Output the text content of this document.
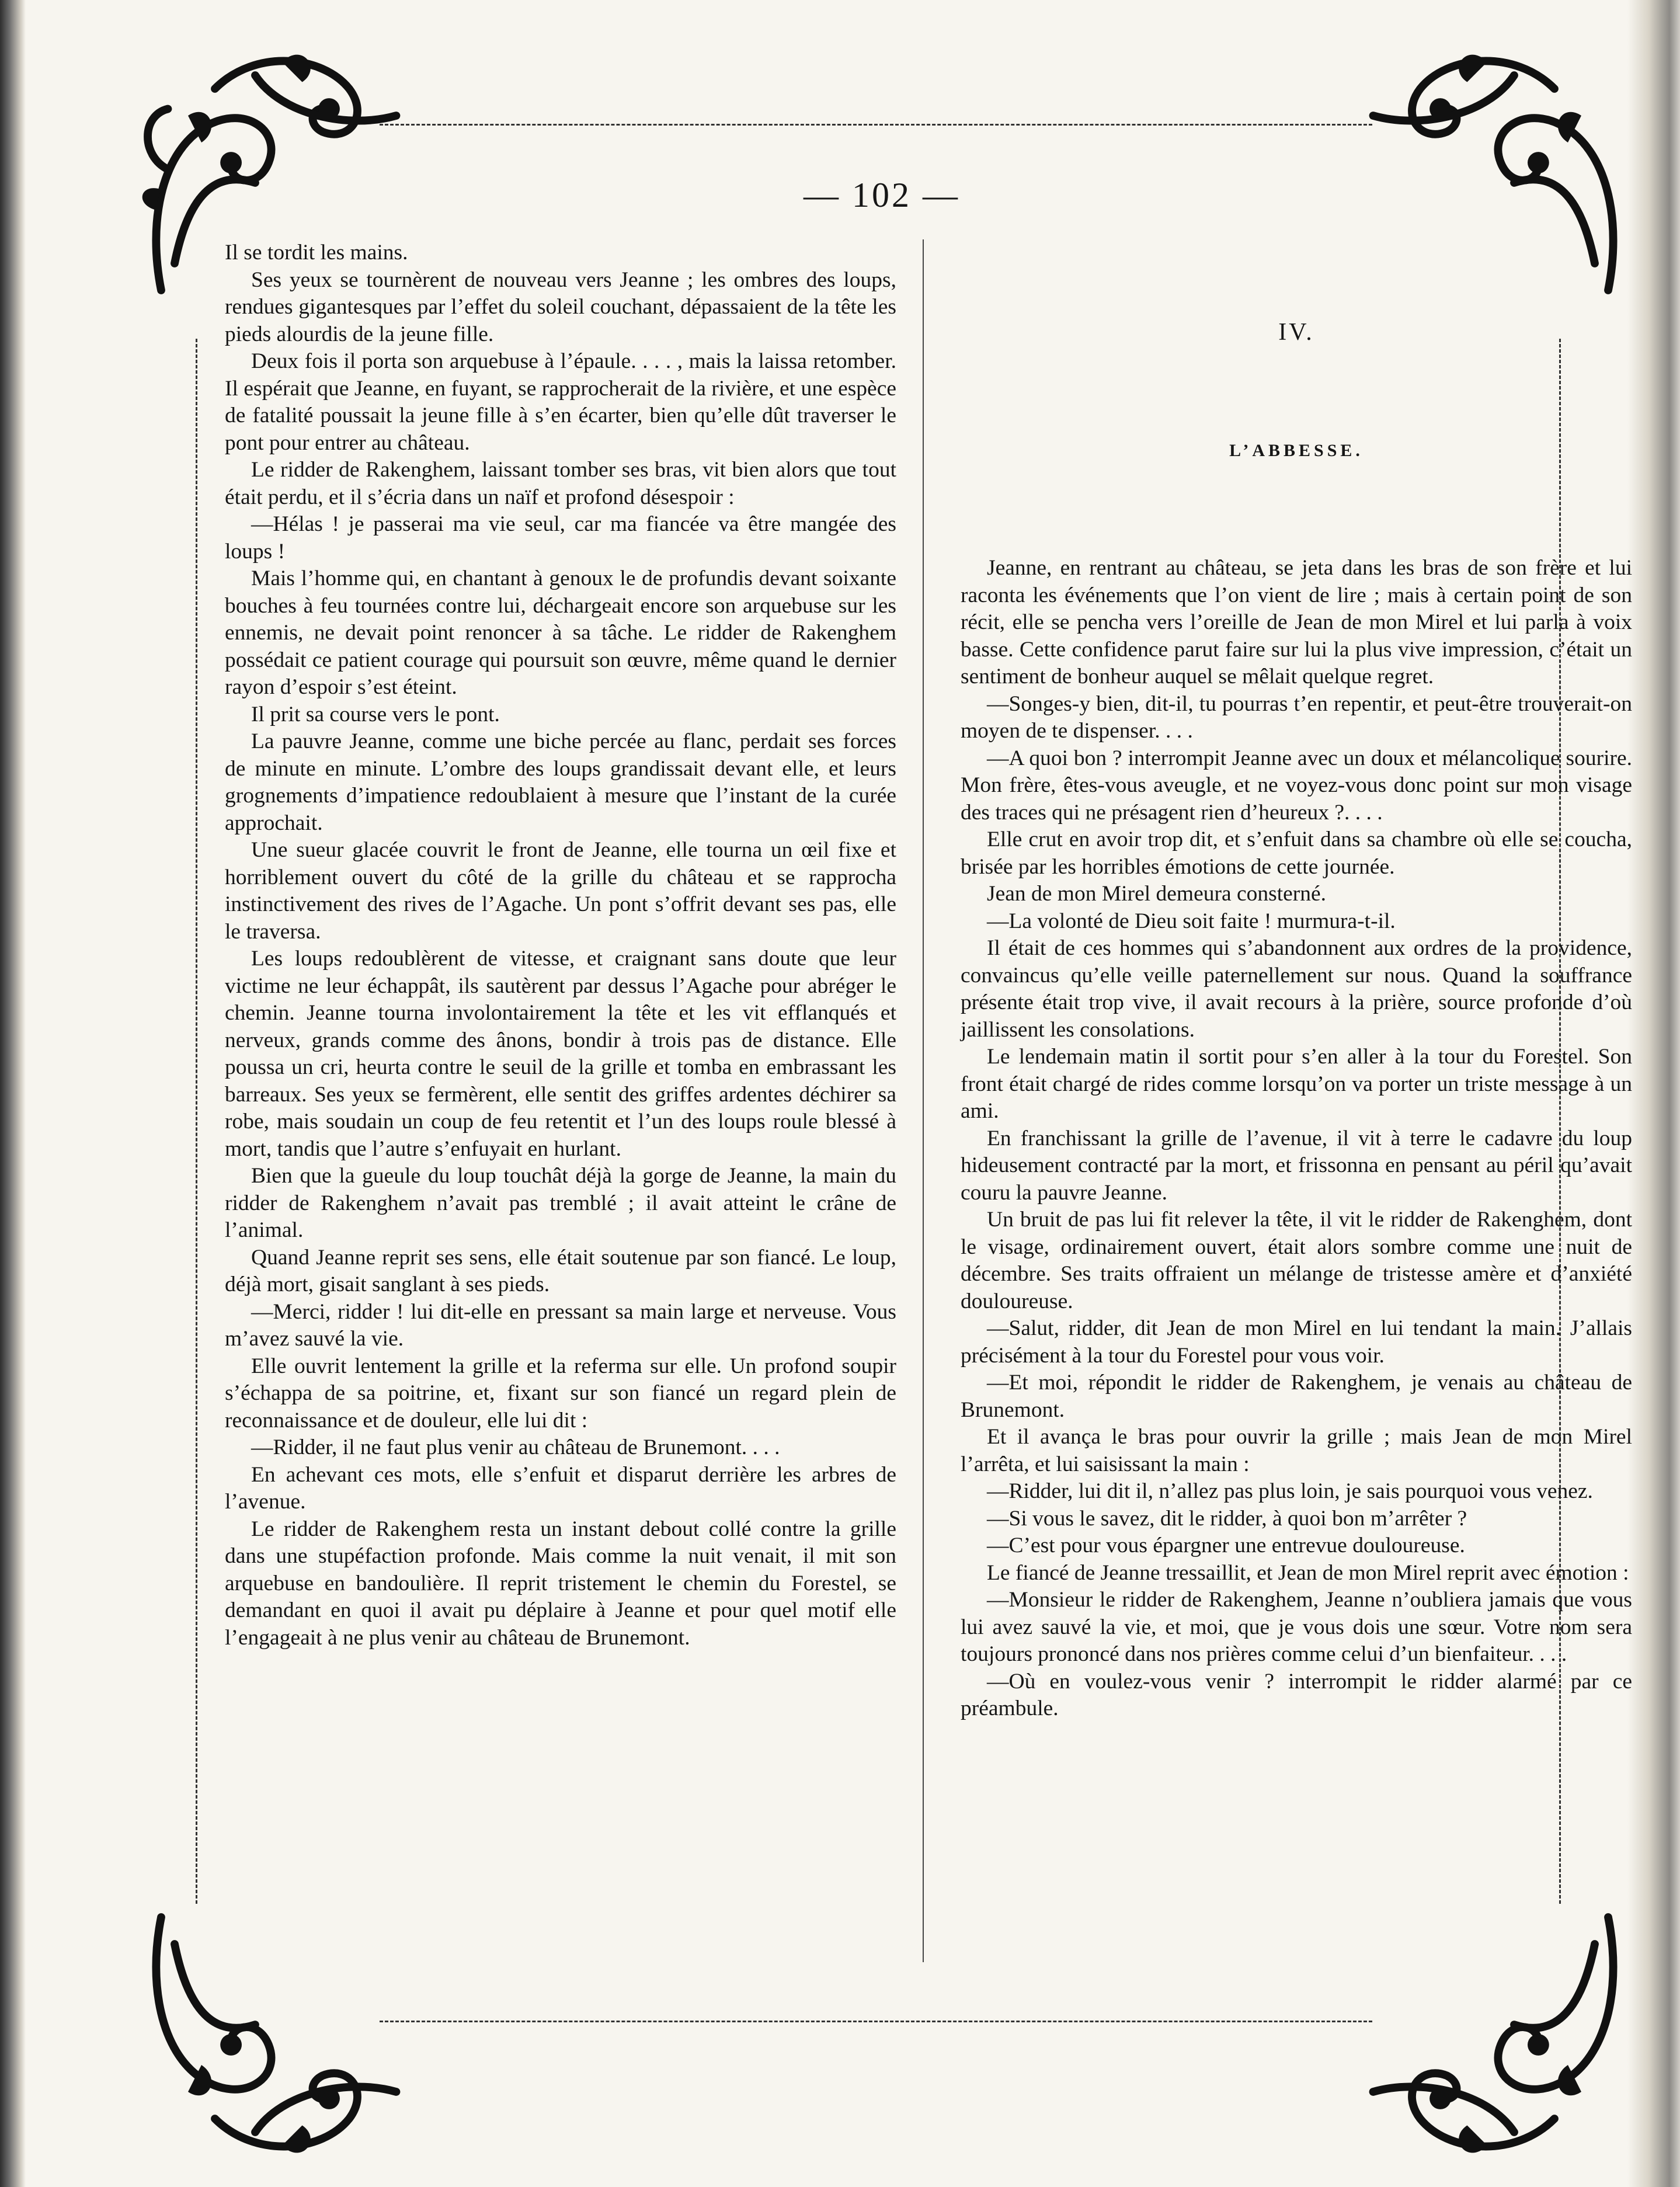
— 102 —

Il se tordit les mains.

Ses yeux se tournèrent de nouveau vers Jeanne ; les ombres des loups, rendues gigantesques par l’effet du soleil couchant, dépassaient de la tête les pieds alourdis de la jeune fille.

Deux fois il porta son arquebuse à l’épaule. . . . , mais la laissa retomber. Il espérait que Jeanne, en fuyant, se rapprocherait de la rivière, et une espèce de fatalité poussait la jeune fille à s’en écarter, bien qu’elle dût traverser le pont pour entrer au château.

Le ridder de Rakenghem, laissant tomber ses bras, vit bien alors que tout était perdu, et il s’écria dans un naïf et profond désespoir :

—Hélas ! je passerai ma vie seul, car ma fiancée va être mangée des loups !

Mais l’homme qui, en chantant à genoux le de profundis devant soixante bouches à feu tournées contre lui, déchargeait encore son arquebuse sur les ennemis, ne devait point renoncer à sa tâche. Le ridder de Rakenghem possédait ce patient courage qui poursuit son œuvre, même quand le dernier rayon d’espoir s’est éteint.

Il prit sa course vers le pont.

La pauvre Jeanne, comme une biche percée au flanc, perdait ses forces de minute en minute. L’ombre des loups grandissait devant elle, et leurs grognements d’impatience redoublaient à mesure que l’instant de la curée approchait.

Une sueur glacée couvrit le front de Jeanne, elle tourna un œil fixe et horriblement ouvert du côté de la grille du château et se rapprocha instinctivement des rives de l’Agache. Un pont s’offrit devant ses pas, elle le traversa.

Les loups redoublèrent de vitesse, et craignant sans doute que leur victime ne leur échappât, ils sautèrent par dessus l’Agache pour abréger le chemin. Jeanne tourna involontairement la tête et les vit efflanqués et nerveux, grands comme des ânons, bondir à trois pas de distance. Elle poussa un cri, heurta contre le seuil de la grille et tomba en embrassant les barreaux. Ses yeux se fermèrent, elle sentit des griffes ardentes déchirer sa robe, mais soudain un coup de feu retentit et l’un des loups roule blessé à mort, tandis que l’autre s’enfuyait en hurlant.

Bien que la gueule du loup touchât déjà la gorge de Jeanne, la main du ridder de Rakenghem n’avait pas tremblé ; il avait atteint le crâne de l’animal.

Quand Jeanne reprit ses sens, elle était soutenue par son fiancé. Le loup, déjà mort, gisait sanglant à ses pieds.

—Merci, ridder ! lui dit-elle en pressant sa main large et nerveuse. Vous m’avez sauvé la vie.

Elle ouvrit lentement la grille et la referma sur elle. Un profond soupir s’échappa de sa poitrine, et, fixant sur son fiancé un regard plein de reconnaissance et de douleur, elle lui dit :

—Ridder, il ne faut plus venir au château de Brunemont. . . .

En achevant ces mots, elle s’enfuit et disparut derrière les arbres de l’avenue.

Le ridder de Rakenghem resta un instant debout collé contre la grille dans une stupéfaction profonde. Mais comme la nuit venait, il mit son arquebuse en bandoulière. Il reprit tristement le chemin du Forestel, se demandant en quoi il avait pu déplaire à Jeanne et pour quel motif elle l’engageait à ne plus venir au château de Brunemont.

IV.
L’ABBESSE.

Jeanne, en rentrant au château, se jeta dans les bras de son frère et lui raconta les événements que l’on vient de lire ; mais à certain point de son récit, elle se pencha vers l’oreille de Jean de mon Mirel et lui parla à voix basse. Cette confidence parut faire sur lui la plus vive impression, c’était un sentiment de bonheur auquel se mêlait quelque regret.

—Songes-y bien, dit-il, tu pourras t’en repentir, et peut-être trouverait-on moyen de te dispenser. . . .

—A quoi bon ? interrompit Jeanne avec un doux et mélancolique sourire. Mon frère, êtes-vous aveugle, et ne voyez-vous donc point sur mon visage des traces qui ne présagent rien d’heureux ?. . . .

Elle crut en avoir trop dit, et s’enfuit dans sa chambre où elle se coucha, brisée par les horribles émotions de cette journée.

Jean de mon Mirel demeura consterné.

—La volonté de Dieu soit faite ! murmura-t-il.

Il était de ces hommes qui s’abandonnent aux ordres de la providence, convaincus qu’elle veille paternellement sur nous. Quand la souffrance présente était trop vive, il avait recours à la prière, source profonde d’où jaillissent les consolations.

Le lendemain matin il sortit pour s’en aller à la tour du Forestel. Son front était chargé de rides comme lorsqu’on va porter un triste message à un ami.

En franchissant la grille de l’avenue, il vit à terre le cadavre du loup hideusement contracté par la mort, et frissonna en pensant au péril qu’avait couru la pauvre Jeanne.

Un bruit de pas lui fit relever la tête, il vit le ridder de Rakenghem, dont le visage, ordinairement ouvert, était alors sombre comme une nuit de décembre. Ses traits offraient un mélange de tristesse amère et d’anxiété douloureuse.

—Salut, ridder, dit Jean de mon Mirel en lui tendant la main. J’allais précisément à la tour du Forestel pour vous voir.

—Et moi, répondit le ridder de Rakenghem, je venais au château de Brunemont.

Et il avança le bras pour ouvrir la grille ; mais Jean de mon Mirel l’arrêta, et lui saisissant la main :

—Ridder, lui dit il, n’allez pas plus loin, je sais pourquoi vous venez.

—Si vous le savez, dit le ridder, à quoi bon m’arrêter ?

—C’est pour vous épargner une entrevue douloureuse.

Le fiancé de Jeanne tressaillit, et Jean de mon Mirel reprit avec émotion :

—Monsieur le ridder de Rakenghem, Jeanne n’oubliera jamais que vous lui avez sauvé la vie, et moi, que je vous dois une sœur. Votre nom sera toujours prononcé dans nos prières comme celui d’un bienfaiteur. . . .

—Où en voulez-vous venir ? interrompit le ridder alarmé par ce préambule.
